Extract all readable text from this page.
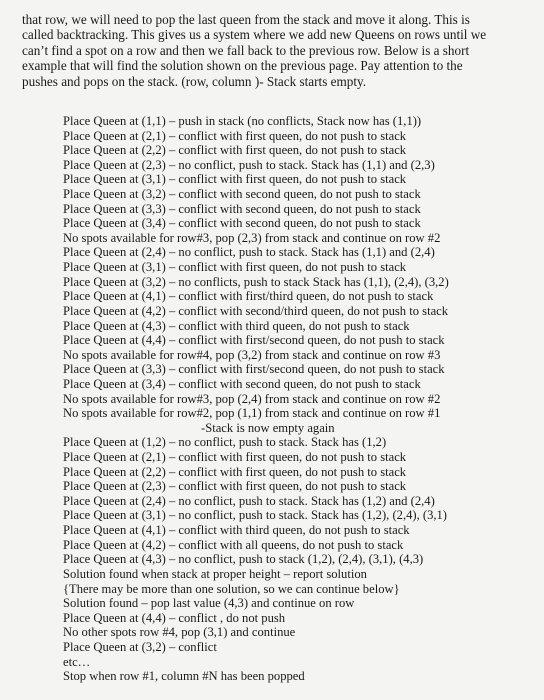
that row, we will need to pop the last queen from the stack and move it along. This is

called backtracking. This gives us a system where we add new Queens on rows until we

can’t find a spot on a row and then we fall back to the previous row. Below is a short

example that will find the solution shown on the previous page. Pay attention to the

pushes and pops on the stack. (row, column )- Stack starts empty.

Place Queen at (1,1) – push in stack (no conflicts, Stack now has (1,1))
Place Queen at (2,1) – conflict with first queen, do not push to stack
Place Queen at (2,2) – conflict with first queen, do not push to stack
Place Queen at (2,3) – no conflict, push to stack. Stack has (1,1) and (2,3)
Place Queen at (3,1) – conflict with first queen, do not push to stack
Place Queen at (3,2) – conflict with second queen, do not push to stack
Place Queen at (3,3) – conflict with second queen, do not push to stack
Place Queen at (3,4) – conflict with second queen, do not push to stack
No spots available for row#3, pop (2,3) from stack and continue on row #2
Place Queen at (2,4) – no conflict, push to stack. Stack has (1,1) and (2,4)
Place Queen at (3,1) – conflict with first queen, do not push to stack
Place Queen at (3,2) – no conflicts, push to stack Stack has (1,1), (2,4), (3,2)
Place Queen at (4,1) – conflict with first/third queen, do not push to stack
Place Queen at (4,2) – conflict with second/third queen, do not push to stack
Place Queen at (4,3) – conflict with third queen, do not push to stack
Place Queen at (4,4) – conflict with first/second queen, do not push to stack
No spots available for row#4, pop (3,2) from stack and continue on row #3
Place Queen at (3,3) – conflict with first/second queen, do not push to stack
Place Queen at (3,4) – conflict with second queen, do not push to stack
No spots available for row#3, pop (2,4) from stack and continue on row #2
No spots available for row#2, pop (1,1) from stack and continue on row #1
-Stack is now empty again
Place Queen at (1,2) – no conflict, push to stack. Stack has (1,2)
Place Queen at (2,1) – conflict with first queen, do not push to stack
Place Queen at (2,2) – conflict with first queen, do not push to stack
Place Queen at (2,3) – conflict with first queen, do not push to stack
Place Queen at (2,4) – no conflict, push to stack. Stack has (1,2) and (2,4)
Place Queen at (3,1) – no conflict, push to stack. Stack has (1,2), (2,4), (3,1)
Place Queen at (4,1) – conflict with third queen, do not push to stack
Place Queen at (4,2) – conflict with all queens, do not push to stack
Place Queen at (4,3) – no conflict, push to stack (1,2), (2,4), (3,1), (4,3)
Solution found when stack at proper height – report solution
{There may be more than one solution, so we can continue below}
Solution found – pop last value (4,3) and continue on row
Place Queen at (4,4) – conflict , do not push
No other spots row #4, pop (3,1) and continue
Place Queen at (3,2) – conflict
etc…
Stop when row #1, column #N has been popped
